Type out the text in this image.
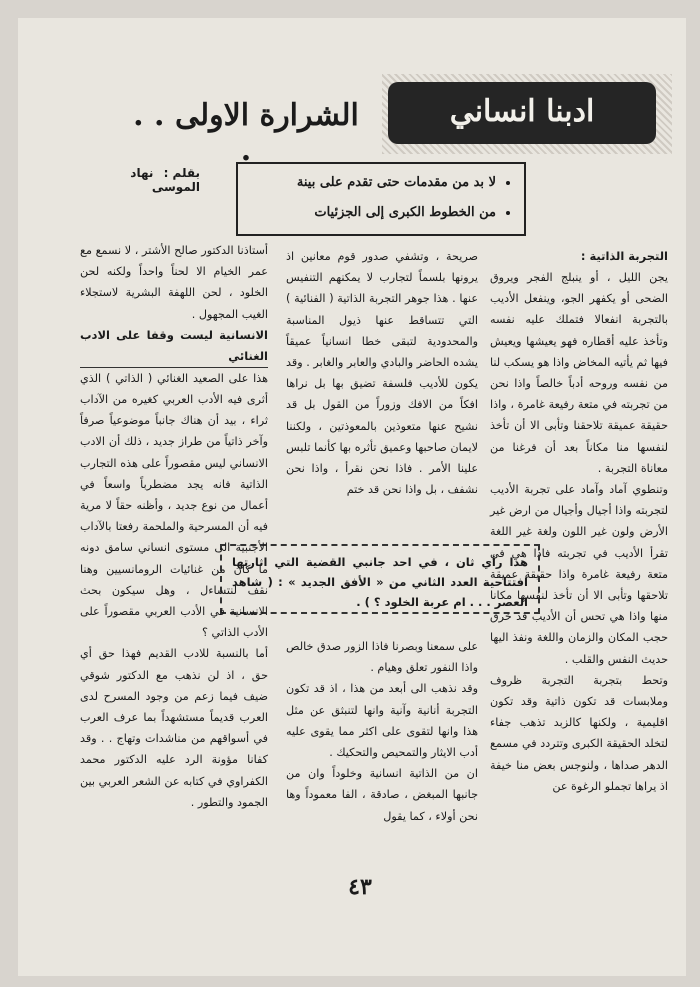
ادبنا انساني
الشرارة الاولى . . .
بقلم : نهاد الموسى
•	لا بد من مقدمات حتى تقدم على بينة
• من الخطوط الكبرى إلى الجزئيات

التجربة الذاتية :

يجن الليل ، أو ينبلج الفجر ويروق الضحى أو يكفهر الجو، وينفعل الأديب بالتجربة انفعالا فتملك عليه نفسه وتأخذ عليه أقطاره فهو يعيشها ويعيش فيها ثم يأتيه المخاض واذا هو يسكب لنا من نفسه وروحه أدباً خالصاً واذا نحن من تجربته في متعة رفيعة غامرة ، واذا حقيقة عميقة تلاحقنا وتأبى الا أن تأخذ لنفسها منا مكاناً بعد أن فرغنا من معاناة التجربة .

وتنطوي آماد وآماد على تجربة الأديب لتجربته واذا أجيال وأجيال من ارض غير الأرض ولون غير اللون ولغة غير اللغة تقرأ الأديب في تجربته فاذا هي في متعة رفيعة غامرة واذا حقيقة عميقة تلاحقها وتأبى الا أن تأخذ لنفسها مكانا منها واذا هي تحس أن الأديب قد خرق حجب المكان والزمان واللغة ونفذ اليها حديث النفس والقلب .

وتحط بتجربة التجربة ظروف وملابسات قد تكون ذاتية وقد تكون اقليمية ، ولكنها كالزبد تذهب جفاء لتخلد الحقيقة الكبرى وتتردد في مسمع الدهر صداها ، ولنوجس بعض منا خيفة اذ يراها تجملو الرغوة عن

صريحة ، وتشفي صدور قوم معانين اذ يرونها بلسماً لتجارب لا يمكنهم التنفيس عنها . هذا جوهر التجربة الذاتية ( الفنائية ) التي تتساقط عنها ذيول المناسبة والمحدودية لتبقى خطا انسانياً عميقاً يشده الحاضر والبادي والعابر والغابر . وقد يكون للأديب فلسفة تضيق بها بل نراها افكاً من الافك وزوراً من القول بل قد نشيح عنها متعوذين بالمعوذتين ، ولكننا لايمان صاحبها وعميق تأثره بها كأنما تلبس علينا الأمر . فاذا نحن نقرأ ، واذا نحن نشفف ، بل واذا نحن قد ختم

هذا رأي ثان ، في احد جانبي القضية التي اثارتها افتتاحية العدد الثاني من « الأفق الجديد » : ( شاهد العصر . . . ام عربة الخلود ؟ ) .

على سمعنا وبصرنا فاذا الزور صدق خالص واذا النفور تعلق وهيام .

وقد نذهب الى أبعد من هذا ، اذ قد تكون التجربة أنانية وآنية وانها لتنبثق عن مثل هذا وانها لتقوى على اكثر مما يقوى عليه أدب الايثار والتمحيص والتحكيك .

ان من الذاتية انسانية وخلوداً وان من جانبها المبغض ، صادقة ، الفا معموداً وها نحن أولاء ، كما يقول

أستاذنا الدكتور صالح الأشتر ، لا نسمع مع عمر الخيام الا لحناً واحداً ولكنه لحن الخلود ، لحن اللهفة البشرية لاستجلاء الغيب المجهول .

الانسانية ليست وقفا على الادب الغنائي

هذا على الصعيد الغنائي ( الذاتي ) الذي أثرى فيه الأدب العربي كغيره من الآداب ثراء ، بيد أن هناك جانباً موضوعياً صرفاً وآخر ذاتياً من طراز جديد ، ذلك أن الادب الانساني ليس مقصوراً على هذه التجارب الذاتية فانه يجد مضطرباً واسعاً في أعمال من نوع جديد ، وأظنه حقاً لا مرية فيه أن المسرحية والملحمة رفعتا بالآداب الأجنبية الى مستوى انساني سامق دونه ما كان من غنائيات الرومانسيين وهنا نقف لنتساءل ، وهل سيكون بحث الانسانية في الأدب العربي مقصوراً على الأدب الذاتي ؟

أما بالنسبة للادب القديم فهذا حق أي حق ، اذ لن نذهب مع الدكتور شوقي ضيف فيما زعم من وجود المسرح لدى العرب قديماً مستشهداً بما عرف العرب في أسواقهم من مناشدات وتهاج . . وقد كفانا مؤونة الرد عليه الدكتور محمد الكفراوي في كتابه عن الشعر العربي بين الجمود والتطور .

٤٣
